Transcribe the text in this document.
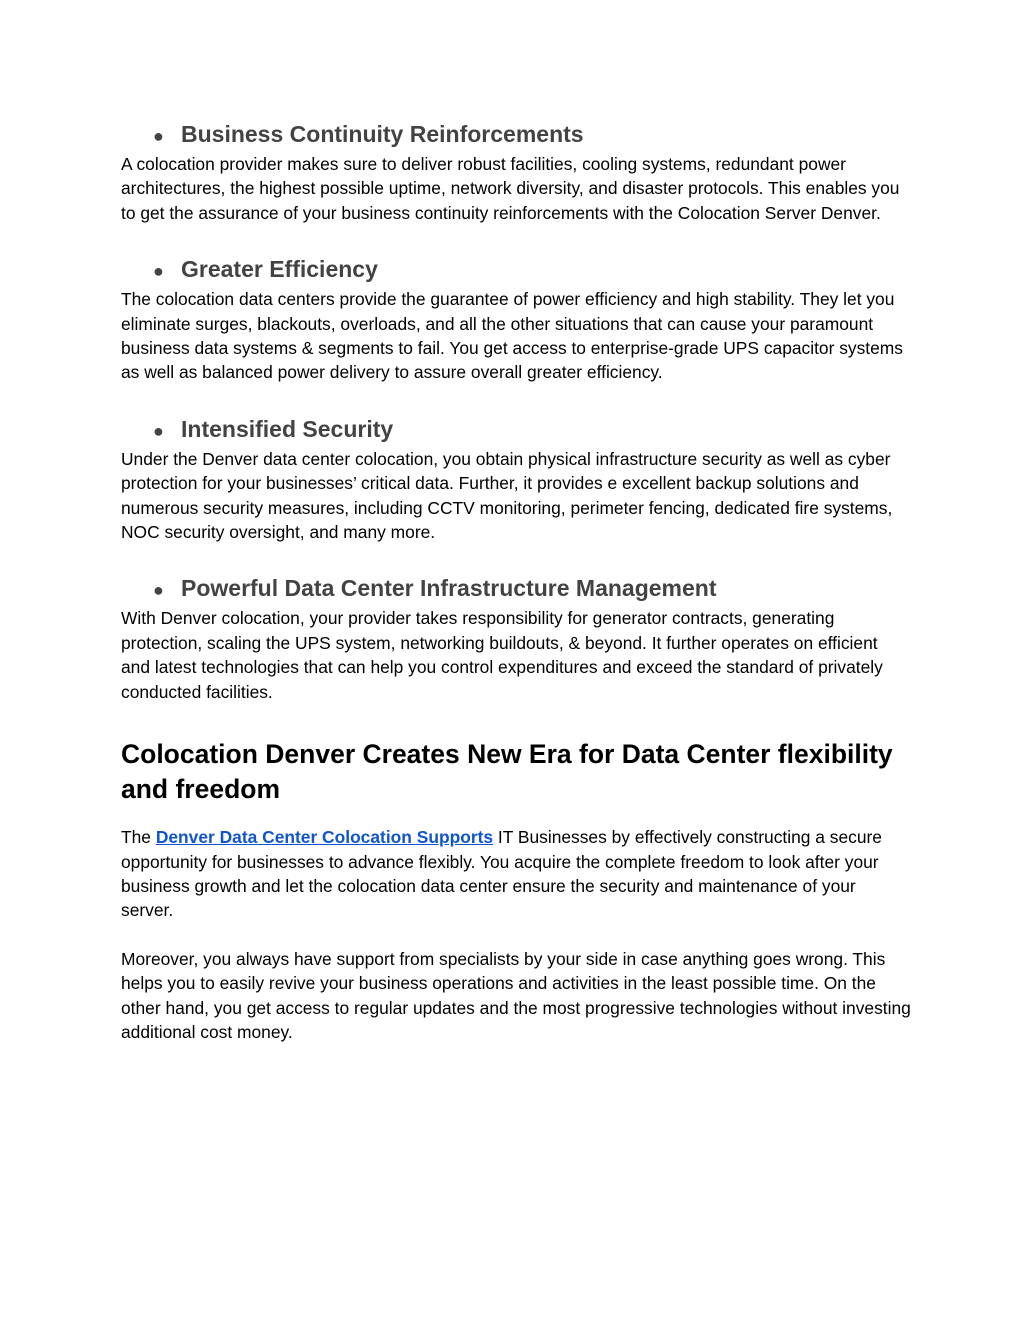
● Business Continuity Reinforcements

A colocation provider makes sure to deliver robust facilities, cooling systems, redundant power architectures, the highest possible uptime, network diversity, and disaster protocols. This enables you to get the assurance of your business continuity reinforcements with the Colocation Server Denver.

● Greater Efficiency

The colocation data centers provide the guarantee of power efficiency and high stability. They let you eliminate surges, blackouts, overloads, and all the other situations that can cause your paramount business data systems & segments to fail. You get access to enterprise-grade UPS capacitor systems as well as balanced power delivery to assure overall greater efficiency.

● Intensified Security

Under the Denver data center colocation, you obtain physical infrastructure security as well as cyber protection for your businesses’ critical data. Further, it provides e excellent backup solutions and numerous security measures, including CCTV monitoring, perimeter fencing, dedicated fire systems, NOC security oversight, and many more.

● Powerful Data Center Infrastructure Management

With Denver colocation, your provider takes responsibility for generator contracts, generating protection, scaling the UPS system, networking buildouts, & beyond. It further operates on efficient and latest technologies that can help you control expenditures and exceed the standard of privately conducted facilities.

Colocation Denver Creates New Era for Data Center flexibility and freedom

The Denver Data Center Colocation Supports IT Businesses by effectively constructing a secure opportunity for businesses to advance flexibly. You acquire the complete freedom to look after your business growth and let the colocation data center ensure the security and maintenance of your server.

Moreover, you always have support from specialists by your side in case anything goes wrong. This helps you to easily revive your business operations and activities in the least possible time. On the other hand, you get access to regular updates and the most progressive technologies without investing additional cost money.
